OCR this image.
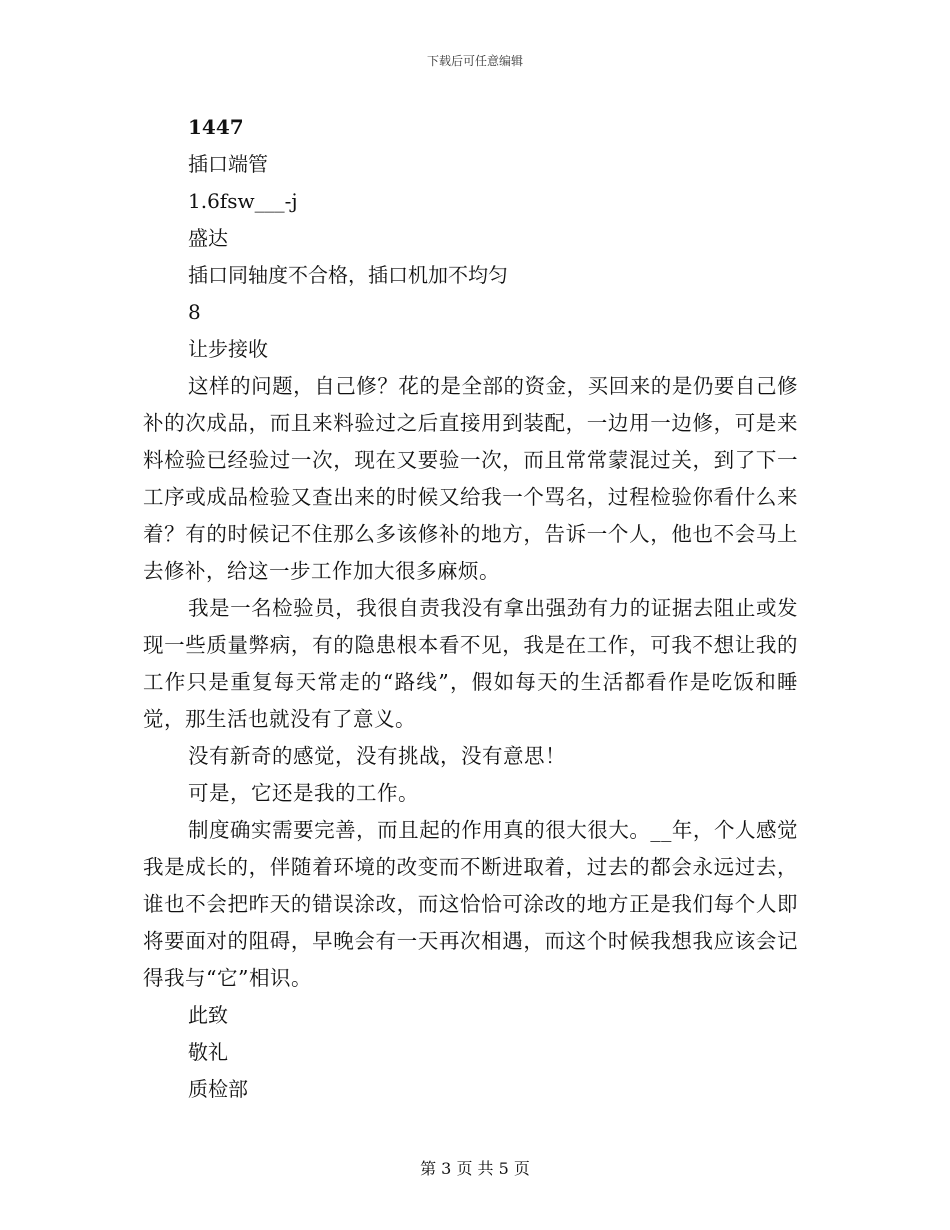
下载后可任意编辑
1447
插口端管
1.6fsw___-j
盛达
插口同轴度不合格，插口机加不均匀
8
让步接收
这样的问题，自己修？花的是全部的资金，买回来的是仍要自己修补的次成品，而且来料验过之后直接用到装配，一边用一边修，可是来料检验已经验过一次，现在又要验一次，而且常常蒙混过关，到了下一工序或成品检验又查出来的时候又给我一个骂名，过程检验你看什么来着？有的时候记不住那么多该修补的地方，告诉一个人，他也不会马上去修补，给这一步工作加大很多麻烦。
我是一名检验员，我很自责我没有拿出强劲有力的证据去阻止或发现一些质量弊病，有的隐患根本看不见，我是在工作，可我不想让我的工作只是重复每天常走的“路线”，假如每天的生活都看作是吃饭和睡觉，那生活也就没有了意义。
没有新奇的感觉，没有挑战，没有意思！
可是，它还是我的工作。
制度确实需要完善，而且起的作用真的很大很大。__年，个人感觉我是成长的，伴随着环境的改变而不断进取着，过去的都会永远过去，谁也不会把昨天的错误涂改，而这恰恰可涂改的地方正是我们每个人即将要面对的阻碍，早晚会有一天再次相遇，而这个时候我想我应该会记得我与“它”相识。
此致
敬礼
质检部
第 3 页 共 5 页
